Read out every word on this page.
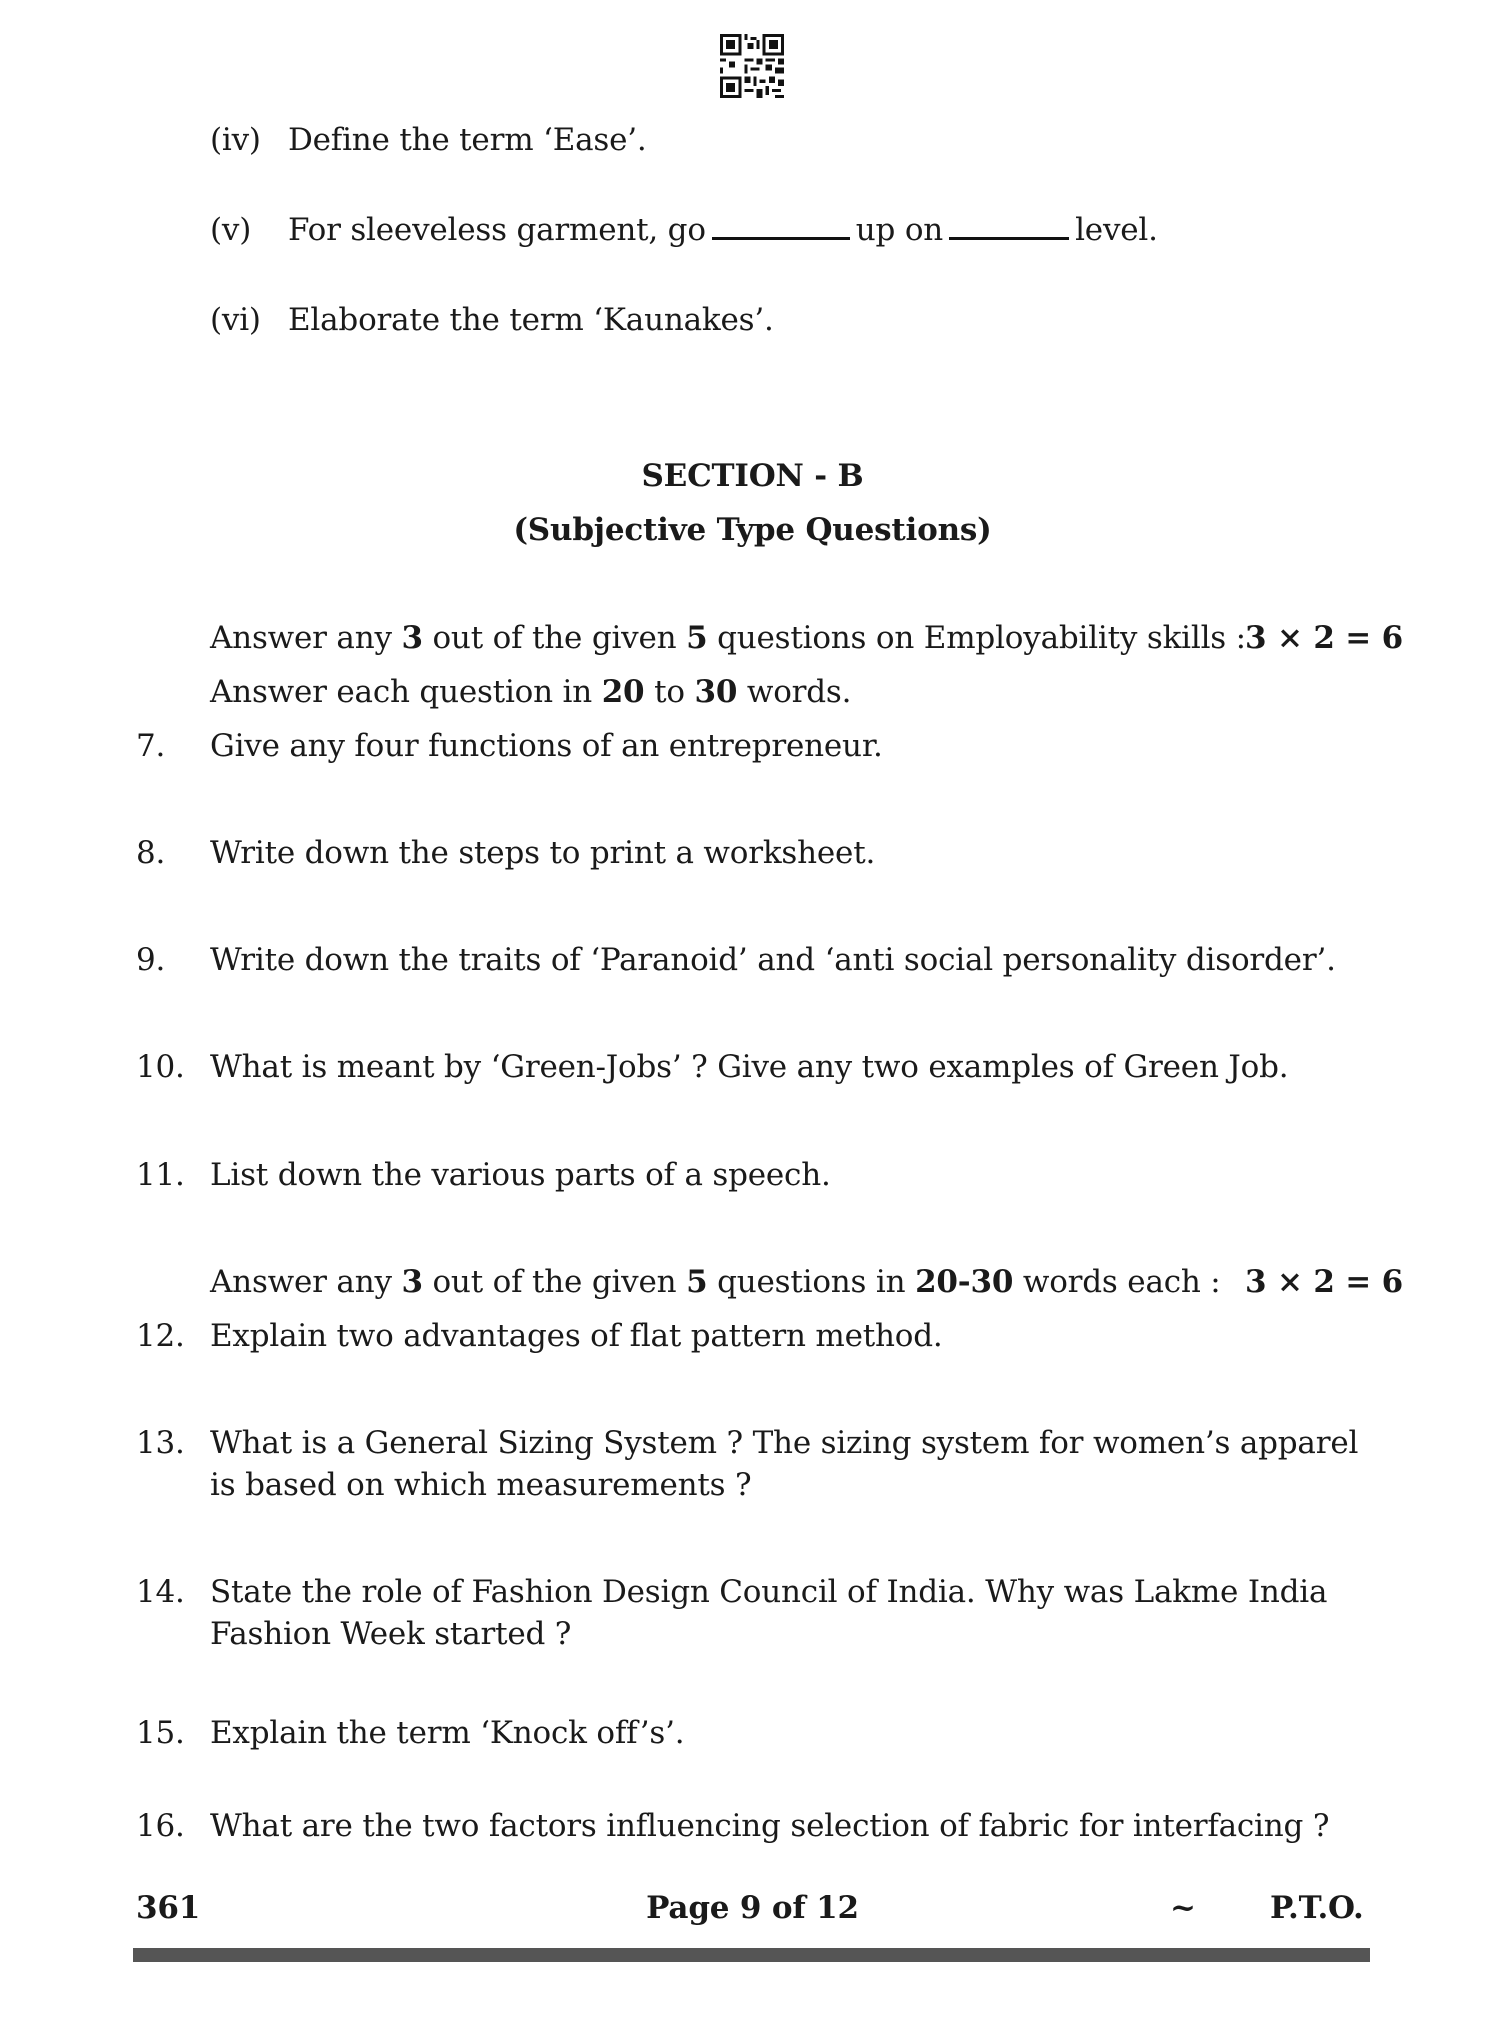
(iv) Define the term ‘Ease’.
(v) For sleeveless garment, go	up on	level.
(vi) Elaborate the term ‘Kaunakes’.
SECTION - B
(Subjective Type Questions)
Answer any 3 out of the given 5 questions on Employability skills : 3 × 2 = 6
Answer each question in 20 to 30 words.
7.	Give any four functions of an entrepreneur.
8.	Write down the steps to print a worksheet.
9.	Write down the traits of ‘Paranoid’ and ‘anti social personality disorder’.
10. What is meant by ‘Green-Jobs’ ? Give any two examples of Green Job.
11. List down the various parts of a speech.
Answer any 3 out of the given 5 questions in 20-30 words each : 3 × 2 = 6
12. Explain two advantages of flat pattern method.
13. What is a General Sizing System ? The sizing system for women’s apparel
is based on which measurements ?
14. State the role of Fashion Design Council of India. Why was Lakme India
Fashion Week started ?
15. Explain the term ‘Knock off’s’.
16. What are the two factors influencing selection of fabric for interfacing ?
361	Page 9 of 12	~ P.T.O.
